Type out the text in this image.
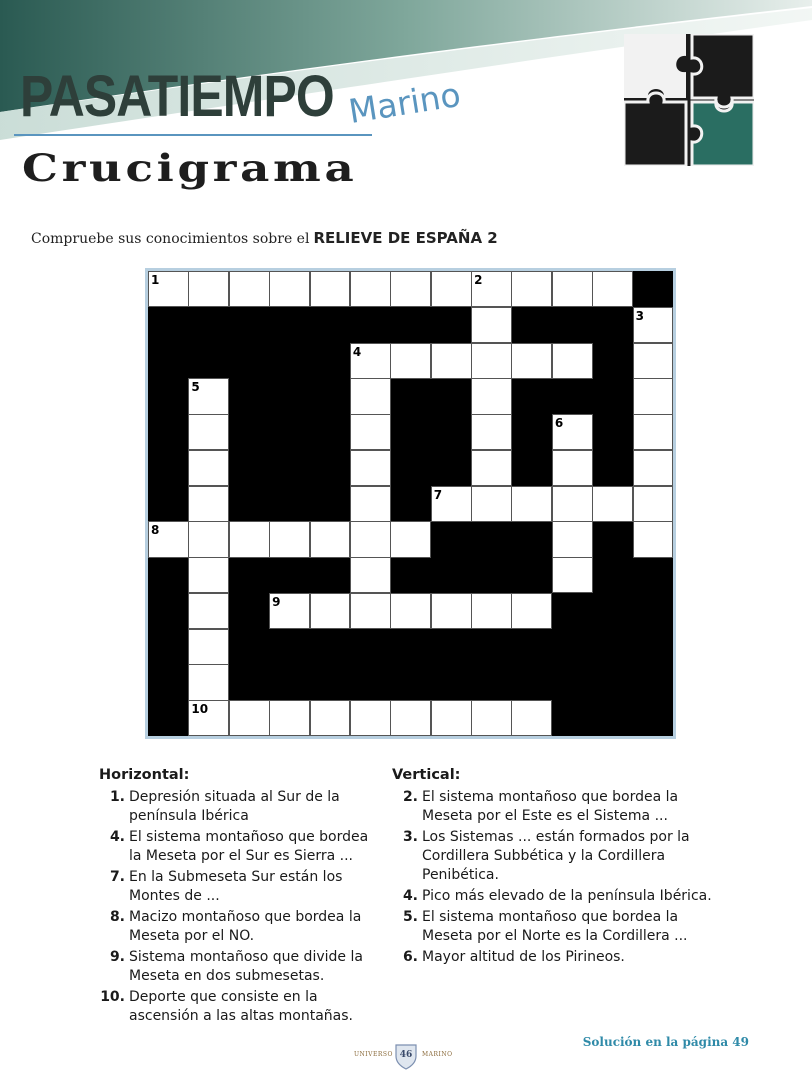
PASATIEMPO Marino
Crucigrama
Compruebe sus conocimientos sobre el RELIEVE DE ESPAÑA 2
1	2
3
4
5
6
7
8
9
10
Horizontal:
1. Depresión situada al Sur de la península Ibérica
4. El sistema montañoso que bordea la Meseta por el Sur es Sierra ...
7. En la Submeseta Sur están los Montes de ...
8. Macizo montañoso que bordea la Meseta por el NO.
9. Sistema montañoso que divide la Meseta en dos submesetas.
10. Deporte que consiste en la ascensión a las altas montañas.
Vertical:
2. El sistema montañoso que bordea la Meseta por el Este es el Sistema ...
3. Los Sistemas ... están formados por la Cordillera Subbética y la Cordillera Penibética.
4. Pico más elevado de la península Ibérica.
5. El sistema montañoso que bordea la Meseta por el Norte es la Cordillera ...
6. Mayor altitud de los Pirineos.
Solución en la página 49
UNIVERSO 46	MARINO
